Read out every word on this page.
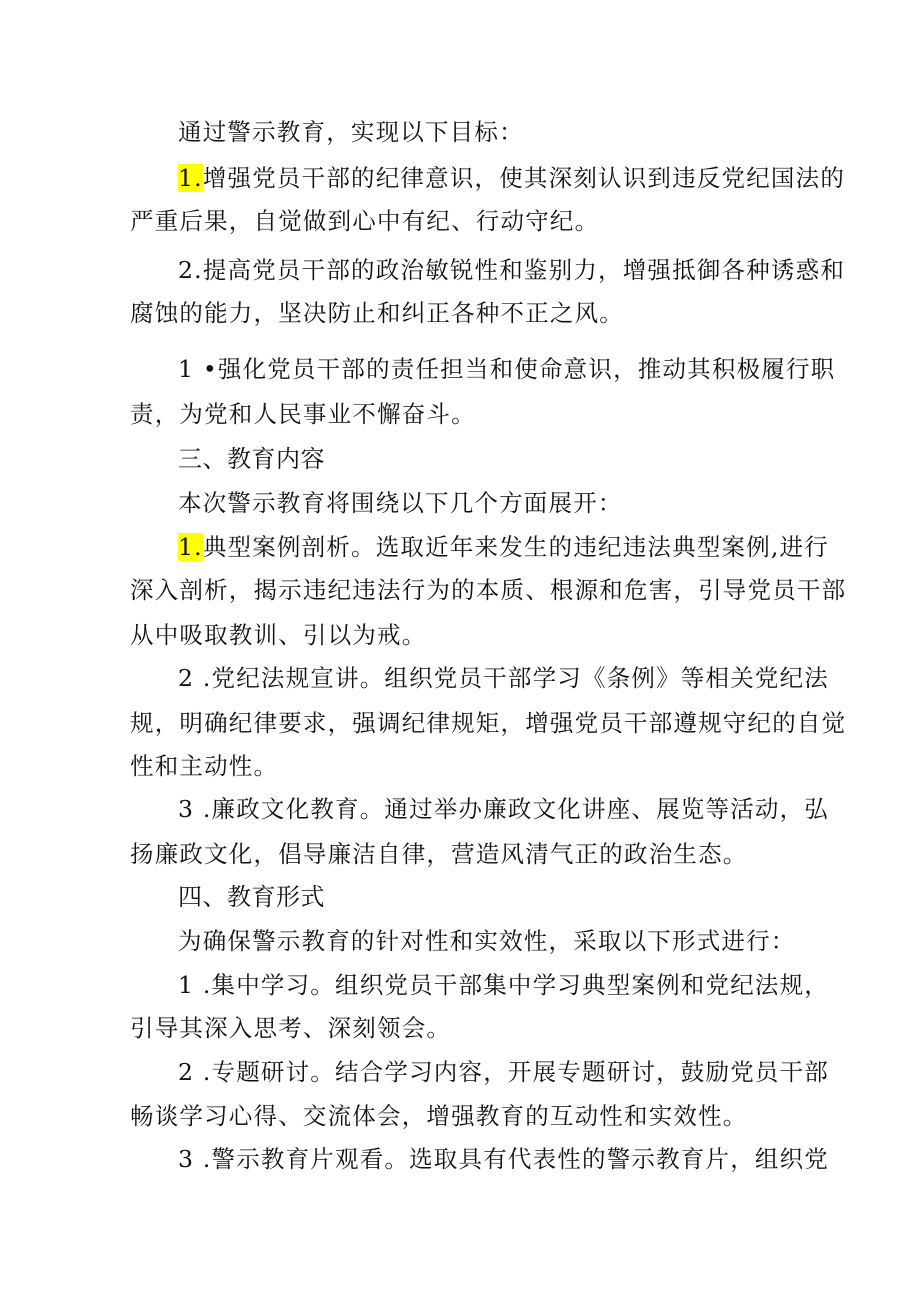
通过警示教育，实现以下目标：
1.增强党员干部的纪律意识，使其深刻认识到违反党纪国法的
严重后果，自觉做到心中有纪、行动守纪。
2.提高党员干部的政治敏锐性和鉴别力，增强抵御各种诱惑和
腐蚀的能力，坚决防止和纠正各种不正之风。
1 •强化党员干部的责任担当和使命意识，推动其积极履行职
责，为党和人民事业不懈奋斗。
三、教育内容
本次警示教育将围绕以下几个方面展开：
1.典型案例剖析。选取近年来发生的违纪违法典型案例,进行
深入剖析，揭示违纪违法行为的本质、根源和危害，引导党员干部
从中吸取教训、引以为戒。
2 .党纪法规宣讲。组织党员干部学习《条例》等相关党纪法
规，明确纪律要求，强调纪律规矩，增强党员干部遵规守纪的自觉
性和主动性。
3 .廉政文化教育。通过举办廉政文化讲座、展览等活动，弘
扬廉政文化，倡导廉洁自律，营造风清气正的政治生态。
四、教育形式
为确保警示教育的针对性和实效性，采取以下形式进行：
1 .集中学习。组织党员干部集中学习典型案例和党纪法规，
引导其深入思考、深刻领会。
2 .专题研讨。结合学习内容，开展专题研讨，鼓励党员干部
畅谈学习心得、交流体会，增强教育的互动性和实效性。
3 .警示教育片观看。选取具有代表性的警示教育片，组织党
